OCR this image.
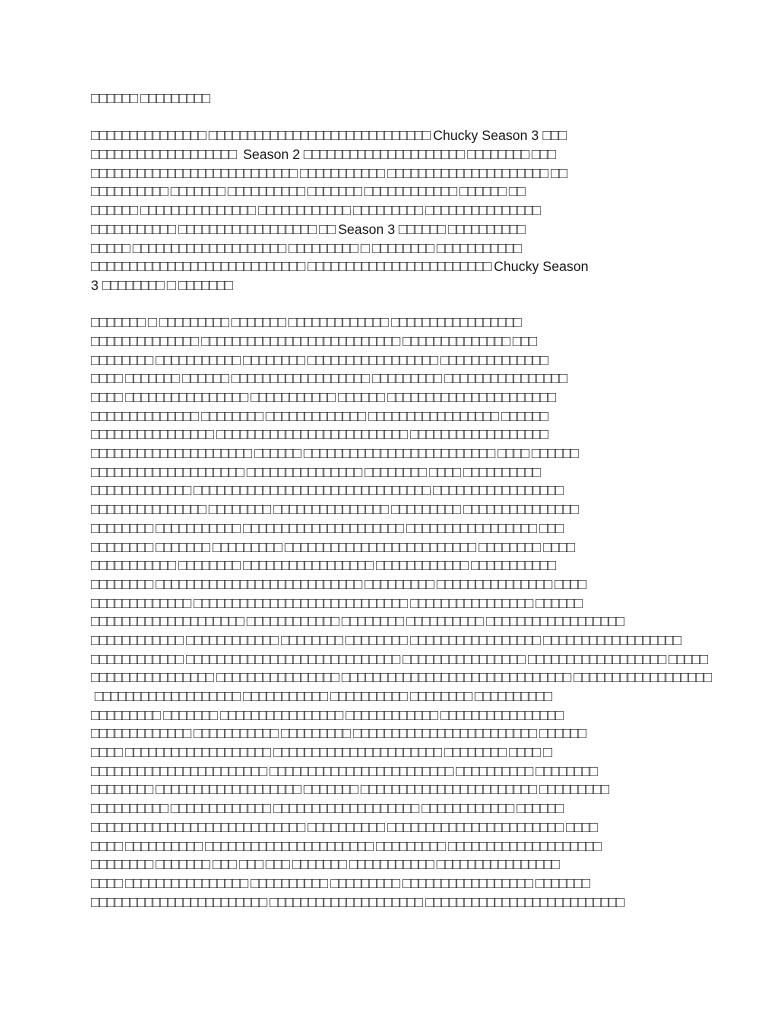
□□□□□□ □□□□□□□□□
□□□□□□□□□□□□□□□ □□□□□□□□□□□□□□□□□□□□□□□□□□□□□ Chucky Season 3 □□□
□□□□□□□□□□□□□□□□□□□  Season 2 □□□□□□□□□□□□□□□□□□□□□ □□□□□□□□ □□□
□□□□□□□□□□□□□□□□□□□□□□□□□□□ □□□□□□□□□□□ □□□□□□□□□□□□□□□□□□□□□ □□
□□□□□□□□□□ □□□□□□□ □□□□□□□□□□ □□□□□□□ □□□□□□□□□□□□ □□□□□□ □□
□□□□□□ □□□□□□□□□□□□□□□ □□□□□□□□□□□□ □□□□□□□□□ □□□□□□□□□□□□□□□
□□□□□□□□□□□ □□□□□□□□□□□□□□□□□□ □□ Season 3 □□□□□□ □□□□□□□□□□
□□□□□ □□□□□□□□□□□□□□□□□□□□ □□□□□□□□□ □ □□□□□□□□ □□□□□□□□□□□
□□□□□□□□□□□□□□□□□□□□□□□□□□□□ □□□□□□□□□□□□□□□□□□□□□□□□ Chucky Season
3 □□□□□□□□ □ □□□□□□□
□□□□□□□ □ □□□□□□□□□ □□□□□□□ □□□□□□□□□□□□□ □□□□□□□□□□□□□□□□□
□□□□□□□□□□□□□□ □□□□□□□□□□□□□□□□□□□□□□□□□□ □□□□□□□□□□□□□□ □□□
□□□□□□□□ □□□□□□□□□□□ □□□□□□□□ □□□□□□□□□□□□□□□□□ □□□□□□□□□□□□□□
□□□□ □□□□□□□ □□□□□□ □□□□□□□□□□□□□□□□□□ □□□□□□□□□ □□□□□□□□□□□□□□□□
□□□□ □□□□□□□□□□□□□□□□ □□□□□□□□□□□ □□□□□□ □□□□□□□□□□□□□□□□□□□□□□
□□□□□□□□□□□□□□ □□□□□□□□ □□□□□□□□□□□□□ □□□□□□□□□□□□□□□□□ □□□□□□
□□□□□□□□□□□□□□□□ □□□□□□□□□□□□□□□□□□□□□□□□□ □□□□□□□□□□□□□□□□□□
□□□□□□□□□□□□□□□□□□□□□ □□□□□□ □□□□□□□□□□□□□□□□□□□□□□□□□ □□□□ □□□□□□
□□□□□□□□□□□□□□□□□□□□ □□□□□□□□□□□□□□□ □□□□□□□□ □□□□ □□□□□□□□□□
□□□□□□□□□□□□□ □□□□□□□□□□□□□□□□□□□□□□□□□□□□□□□ □□□□□□□□□□□□□□□□□
□□□□□□□□□□□□□□□ □□□□□□□□ □□□□□□□□□□□□□□□ □□□□□□□□□ □□□□□□□□□□□□□□□
□□□□□□□□ □□□□□□□□□□□ □□□□□□□□□□□□□□□□□□□□□ □□□□□□□□□□□□□□□□□ □□□
□□□□□□□□ □□□□□□□ □□□□□□□□□ □□□□□□□□□□□□□□□□□□□□□□□□□ □□□□□□□□ □□□□
□□□□□□□□□□□ □□□□□□□□ □□□□□□□□□□□□□□□□□ □□□□□□□□□□□□ □□□□□□□□□□□
□□□□□□□□ □□□□□□□□□□□□□□□□□□□□□□□□□□□ □□□□□□□□□ □□□□□□□□□□□□□□□ □□□□
□□□□□□□□□□□□□ □□□□□□□□□□□□□□□□□□□□□□□□□□□□ □□□□□□□□□□□□□□□□ □□□□□□
□□□□□□□□□□□□□□□□□□□□ □□□□□□□□□□□□ □□□□□□□□ □□□□□□□□□□ □□□□□□□□□□□□□□□□□□
□□□□□□□□□□□□ □□□□□□□□□□□□ □□□□□□□□ □□□□□□□□ □□□□□□□□□□□□□□□□□ □□□□□□□□□□□□□□□□□□
□□□□□□□□□□□□ □□□□□□□□□□□□□□□□□□□□□□□□□□□□ □□□□□□□□□□□□□□□□ □□□□□□□□□□□□□□□□□□ □□□□□
□□□□□□□□□□□□□□□□ □□□□□□□□□□□□□□□□ □□□□□□□□□□□□□□□□□□□□□□□□□□□□□□ □□□□□□□□□□□□□□□□□□
□□□□□□□□□□□□□□□□□□□ □□□□□□□□□□□ □□□□□□□□□□ □□□□□□□□ □□□□□□□□□□
□□□□□□□□□ □□□□□□□ □□□□□□□□□□□□□□□□ □□□□□□□□□□□□ □□□□□□□□□□□□□□□□
□□□□□□□□□□□□□ □□□□□□□□□□□ □□□□□□□□□ □□□□□□□□□□□□□□□□□□□□□□□□ □□□□□□
□□□□ □□□□□□□□□□□□□□□□□□□ □□□□□□□□□□□□□□□□□□□□□□ □□□□□□□□ □□□□ □
□□□□□□□□□□□□□□□□□□□□□□□ □□□□□□□□□□□□□□□□□□□□□□□□ □□□□□□□□□□ □□□□□□□□
□□□□□□□□ □□□□□□□□□□□□□□□□□□□ □□□□□□□ □□□□□□□□□□□□□□□□□□□□□□□ □□□□□□□□□
□□□□□□□□□□ □□□□□□□□□□□□□ □□□□□□□□□□□□□□□□□□□ □□□□□□□□□□□□ □□□□□□
□□□□□□□□□□□□□□□□□□□□□□□□□□□□ □□□□□□□□□□ □□□□□□□□□□□□□□□□□□□□□□□ □□□□
□□□□ □□□□□□□□□□ □□□□□□□□□□□□□□□□□□□□□□ □□□□□□□□□ □□□□□□□□□□□□□□□□□□□□
□□□□□□□□ □□□□□□□ □□□ □□□ □□□ □□□□□□□ □□□□□□□□□□□ □□□□□□□□□□□□□□□□
□□□□ □□□□□□□□□□□□□□□□ □□□□□□□□□□ □□□□□□□□□ □□□□□□□□□□□□□□□□□ □□□□□□□
□□□□□□□□□□□□□□□□□□□□□□□ □□□□□□□□□□□□□□□□□□□□ □□□□□□□□□□□□□□□□□□□□□□□□□□
